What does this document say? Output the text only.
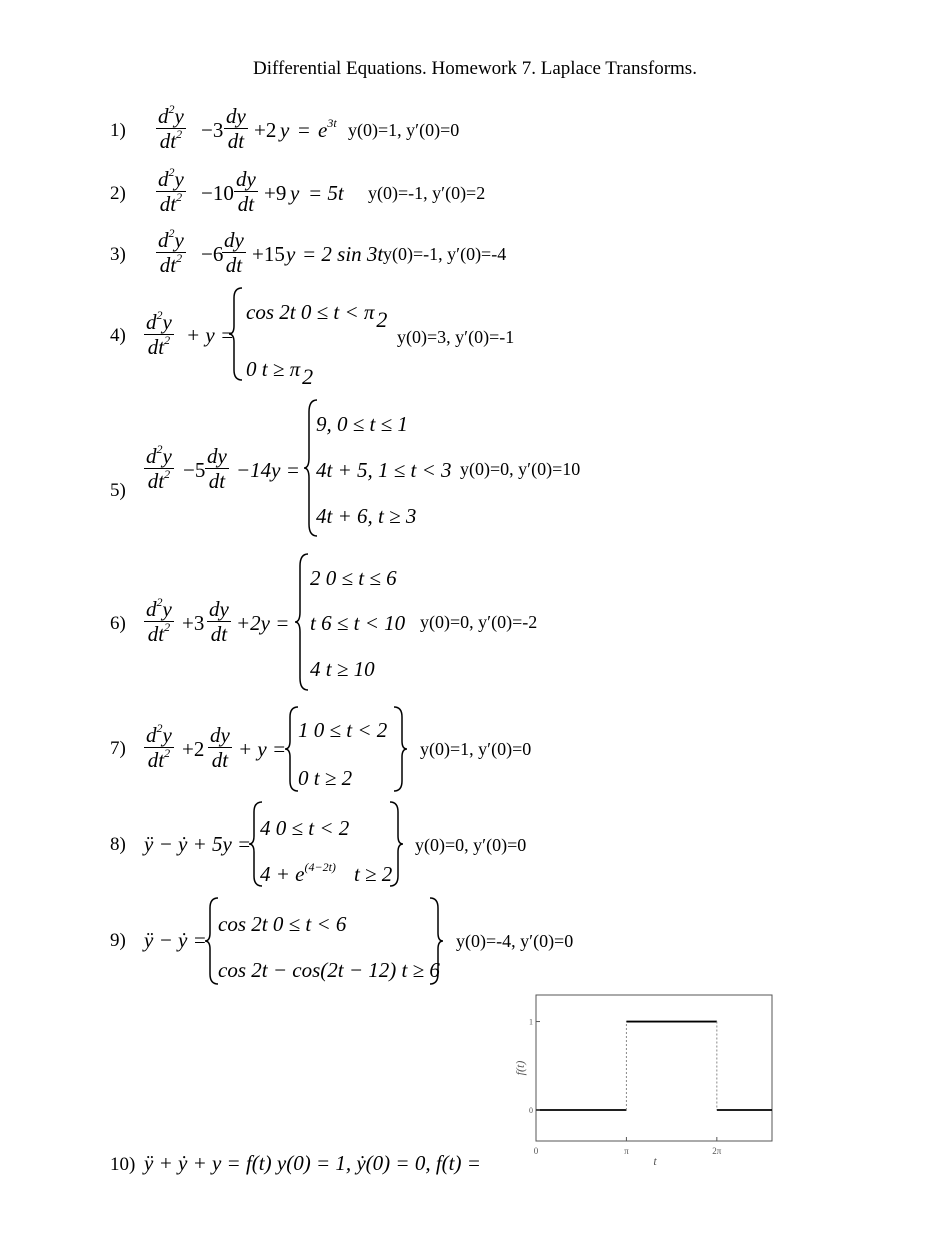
Differential Equations. Homework 7. Laplace Transforms.
$1) \frac{d^2y}{dt^2} -3 \frac{dy}{dt} +2$ $y = e^{3t}$ y(0)=1, y′(0)=0
$2) \frac{d^2y}{dt^2} -10 \frac{dy}{dt} +9$ y = 5t y(0)=-1, y′(0)=2
$3) \frac{d^2y}{dt^2} -6$
$\frac{dy}{dt} +15$ y = 2 sin 3t y(0)=-1, y′(0)=-4
$4) \frac{d^2y}{dt^2} + y$ =
cos 2t 0 ≤ t < π2
0 t ≥ π2
y(0)=3, y′(0)=-1
$5) \frac{d^2y}{dt^2} -5 \frac{dy}{dt} -14y$ =
9, 0 ≤ t ≤ 1
4t + 5, 1 ≤ t < 3
4t + 6, t ≥ 3
y(0)=0, y′(0)=10
$6) \frac{d^2y}{dt^2} +3 \frac{dy}{dt} +2y$ =
2 0 ≤ t ≤ 6
t 6 ≤ t < 10
4 t ≥ 10
y(0)=0, y′(0)=-2
$7) \frac{d^2y}{dt^2} +2 \frac{dy}{dt} + y$ =
1 0 ≤ t < 2
0 t ≥ 2
y(0)=1, y′(0)=0
8) ÿ − ẏ + 5y =
4 0 ≤ t < 2
$4 + e^{(4-2t)}$ t ≥ 2
y(0)=0, y′(0)=0
9) ÿ − ẏ =
cos 2t 0 ≤ t < 6
cos 2t − cos(2t − 12) t ≥ 6
y(0)=-4, y′(0)=0
0	π	2π
0
1
f(t)
t
10) ÿ + ẏ + y = f(t) y(0) = 1, ẏ(0) = 0, f(t) =
